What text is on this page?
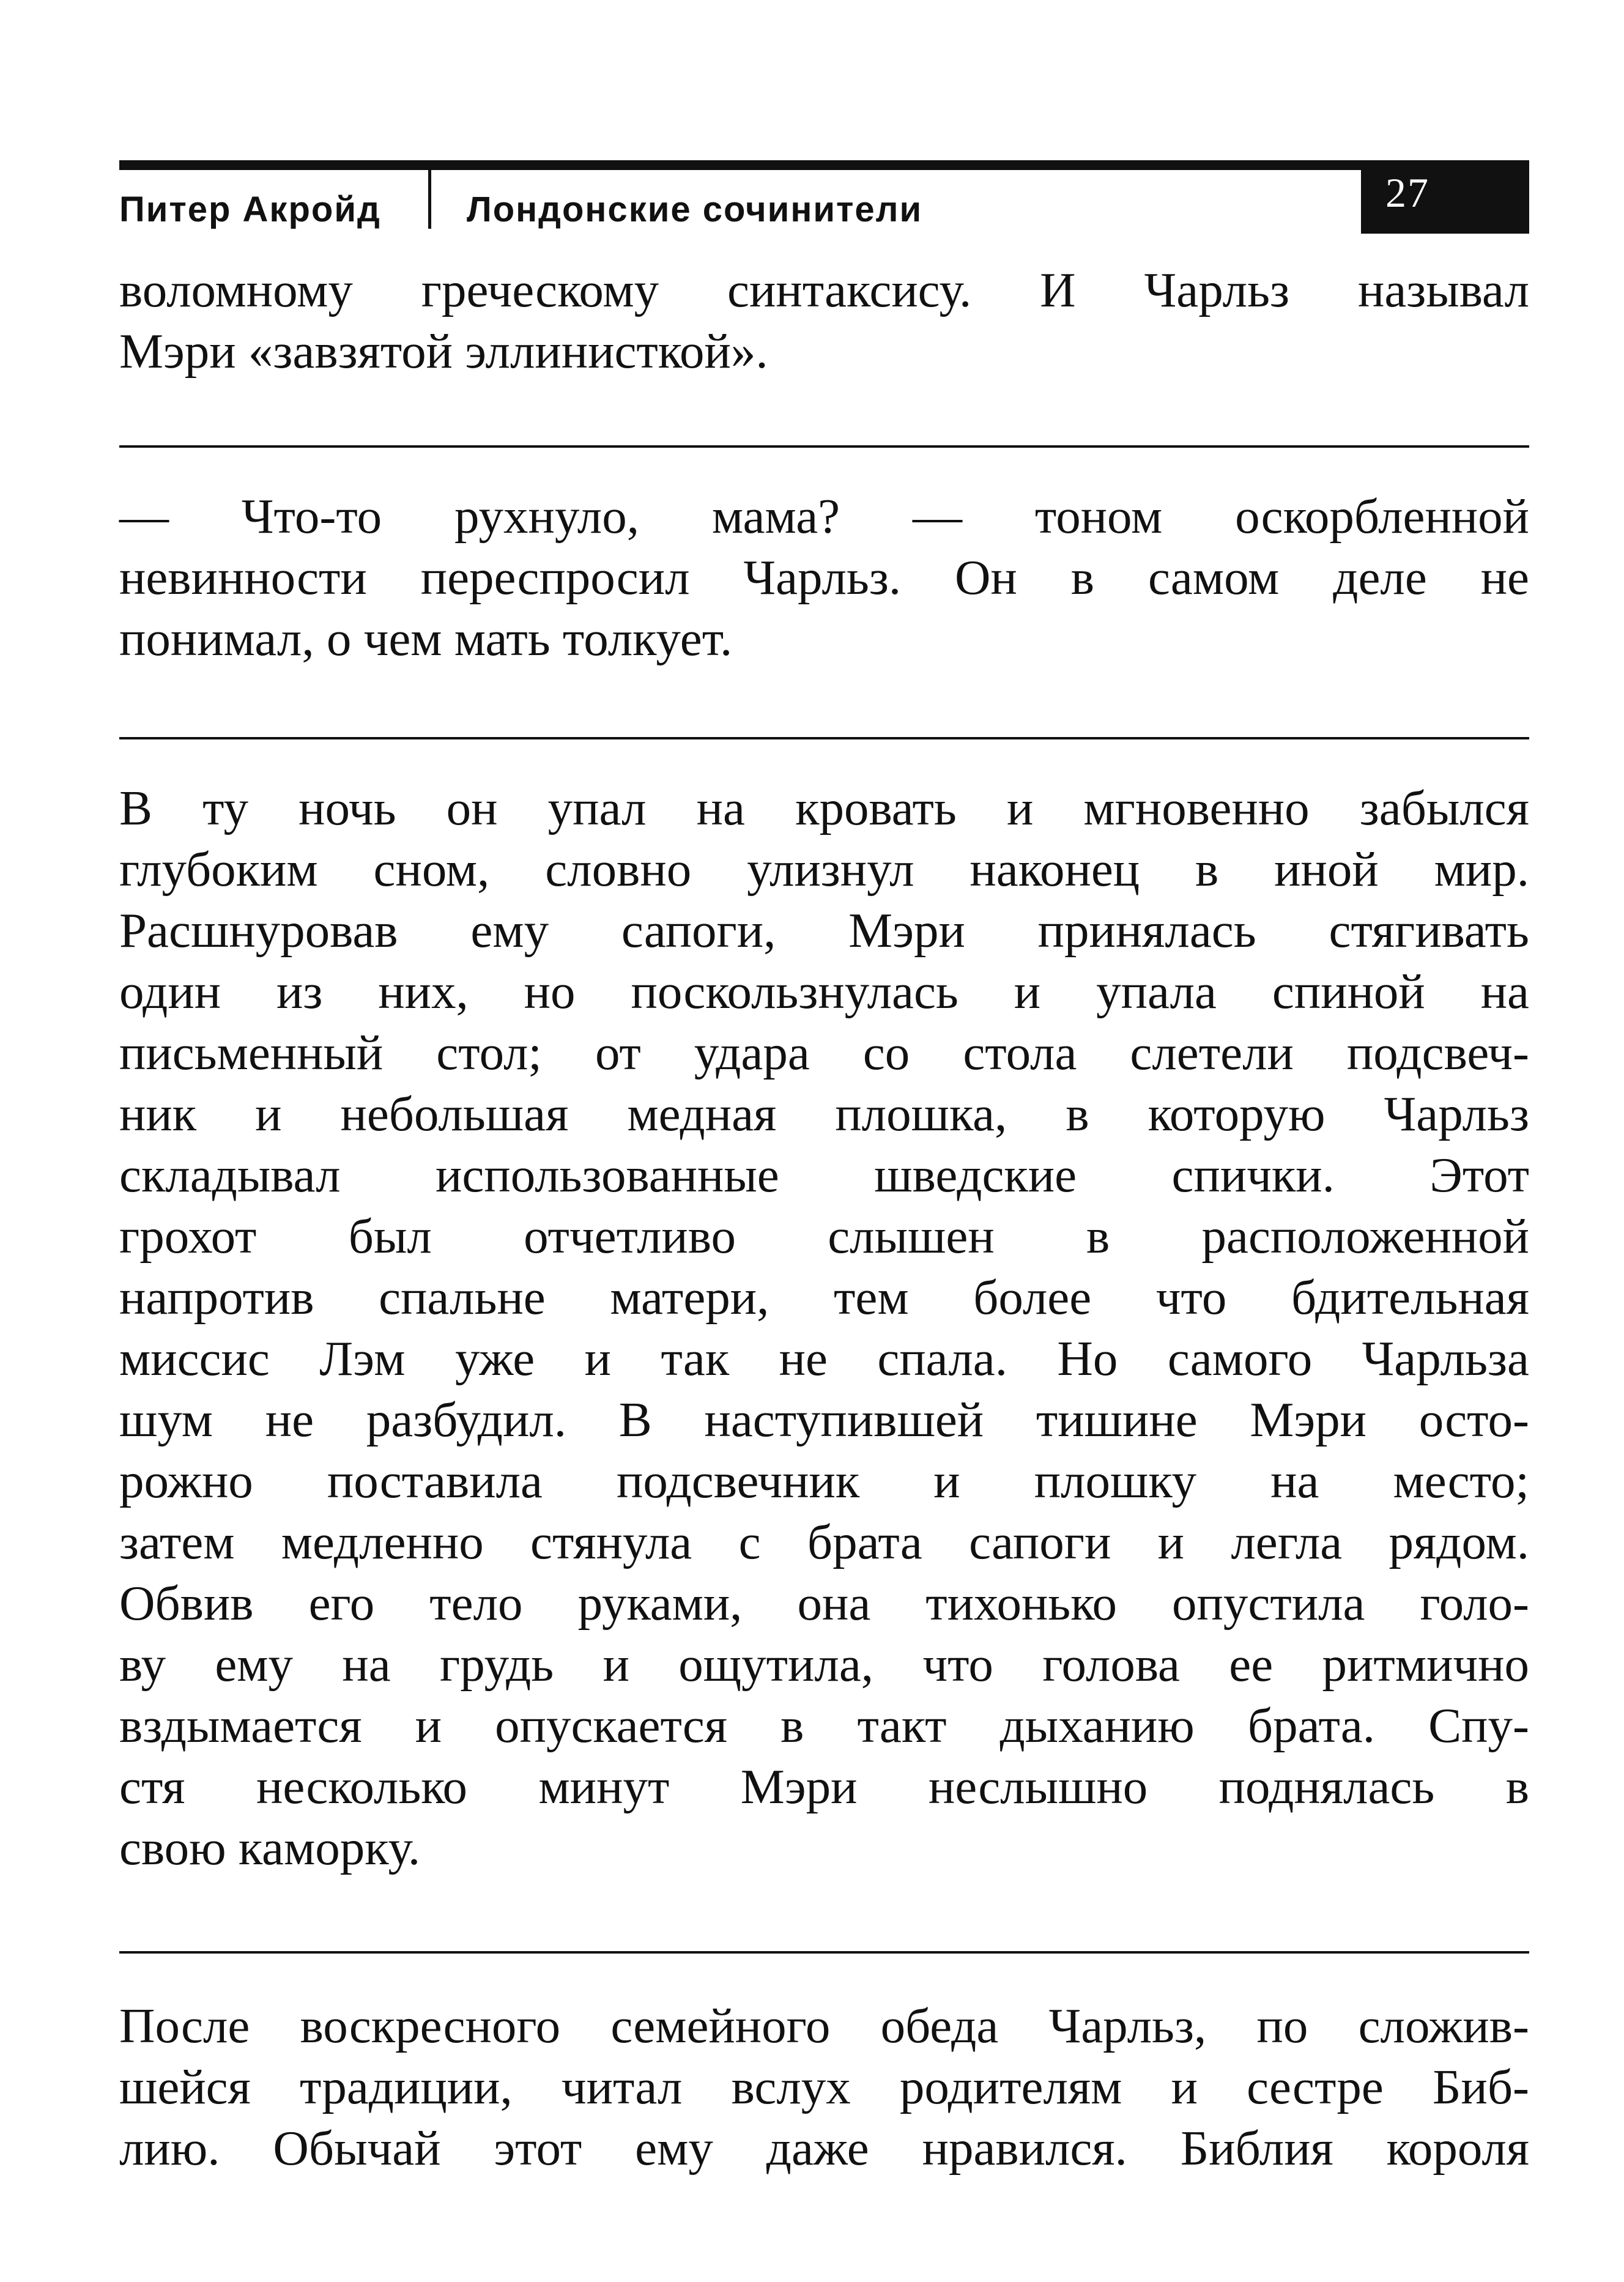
Питер Акройд	Лондонские сочинители	27

воломному греческому синтаксису. И Чарльз называл
Мэри «завзятой эллинисткой».

— Что-то рухнуло, мама? — тоном оскорбленной
невинности переспросил Чарльз. Он в самом деле не
понимал, о чем мать толкует.

В ту ночь он упал на кровать и мгновенно забылся
глубоким сном, словно улизнул наконец в иной мир.
Расшнуровав ему сапоги, Мэри принялась стягивать
один из них, но поскользнулась и упала спиной на
письменный стол; от удара со стола слетели подсвеч-
ник и небольшая медная плошка, в которую Чарльз
складывал использованные шведские спички. Этот
грохот был отчетливо слышен в расположенной
напротив спальне матери, тем более что бдительная
миссис Лэм уже и так не спала. Но самого Чарльза
шум не разбудил. В наступившей тишине Мэри осто-
рожно поставила подсвечник и плошку на место;
затем медленно стянула с брата сапоги и легла рядом.
Обвив его тело руками, она тихонько опустила голо-
ву ему на грудь и ощутила, что голова ее ритмично
вздымается и опускается в такт дыханию брата. Спу-
стя несколько минут Мэри неслышно поднялась в
свою каморку.

После воскресного семейного обеда Чарльз, по сложив-
шейся традиции, читал вслух родителям и сестре Биб-
лию. Обычай этот ему даже нравился. Библия короля
